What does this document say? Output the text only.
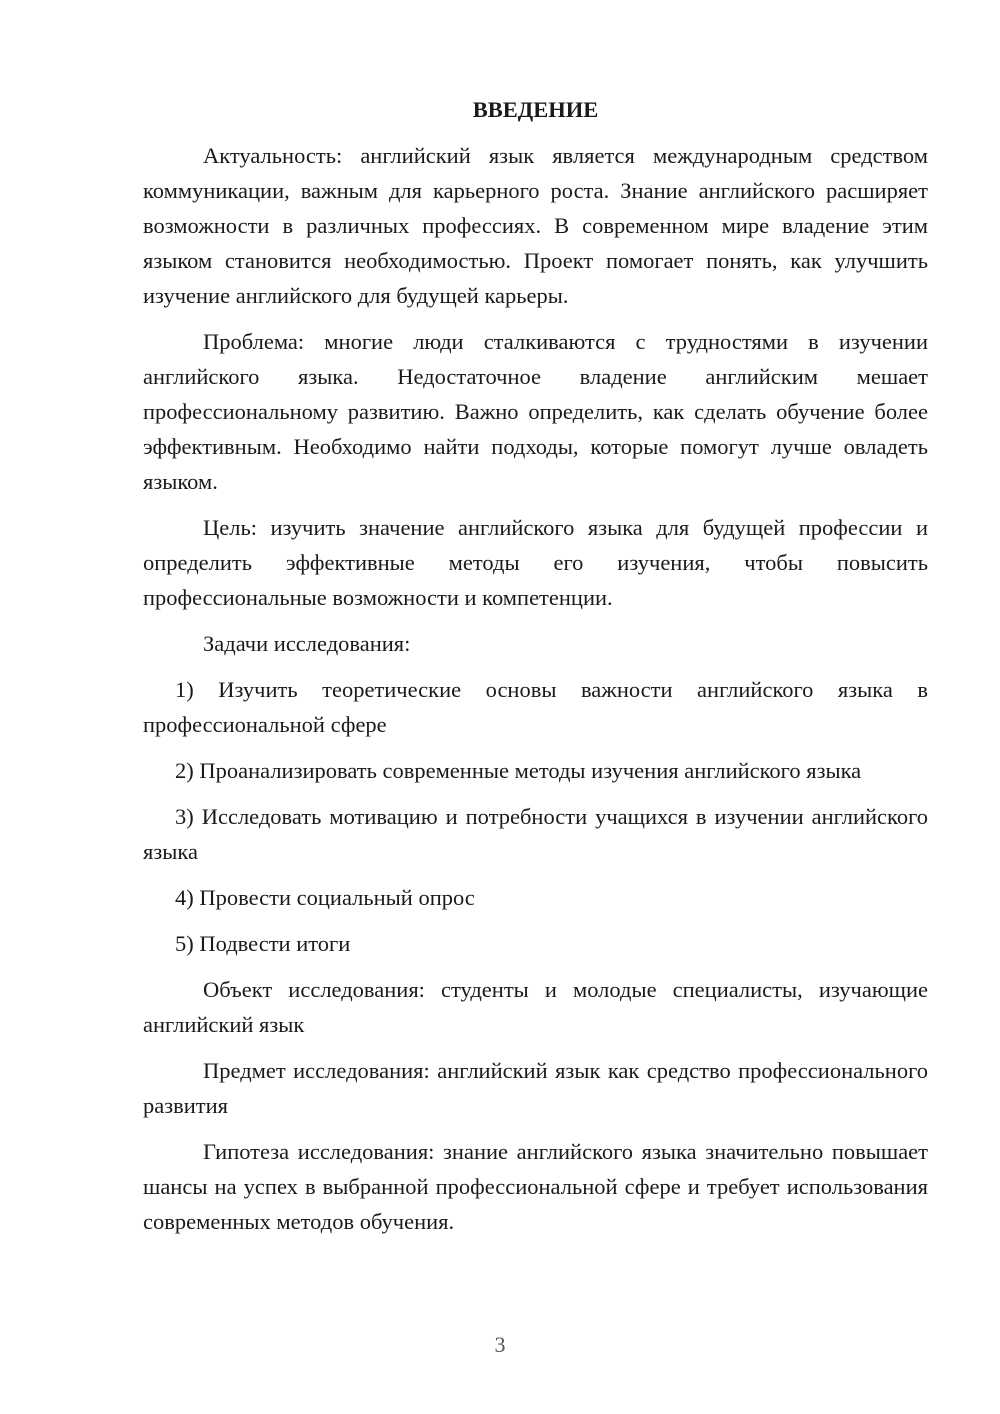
ВВЕДЕНИЕ

Актуальность: английский язык является международным средством коммуникации, важным для карьерного роста. Знание английского расширяет возможности в различных профессиях. В современном мире владение этим языком становится необходимостью. Проект помогает понять, как улучшить изучение английского для будущей карьеры.

Проблема: многие люди сталкиваются с трудностями в изучении английского языка. Недостаточное владение английским мешает профессиональному развитию. Важно определить, как сделать обучение более эффективным. Необходимо найти подходы, которые помогут лучше овладеть языком.

Цель: изучить значение английского языка для будущей профессии и определить эффективные методы его изучения, чтобы повысить профессиональные возможности и компетенции.

Задачи исследования:

1) Изучить теоретические основы важности английского языка в профессиональной сфере

2) Проанализировать современные методы изучения английского языка

3) Исследовать мотивацию и потребности учащихся в изучении английского языка

4) Провести социальный опрос

5) Подвести итоги

Объект исследования: студенты и молодые специалисты, изучающие английский язык

Предмет исследования: английский язык как средство профессионального развития

Гипотеза исследования: знание английского языка значительно повышает шансы на успех в выбранной профессиональной сфере и требует использования современных методов обучения.

3
